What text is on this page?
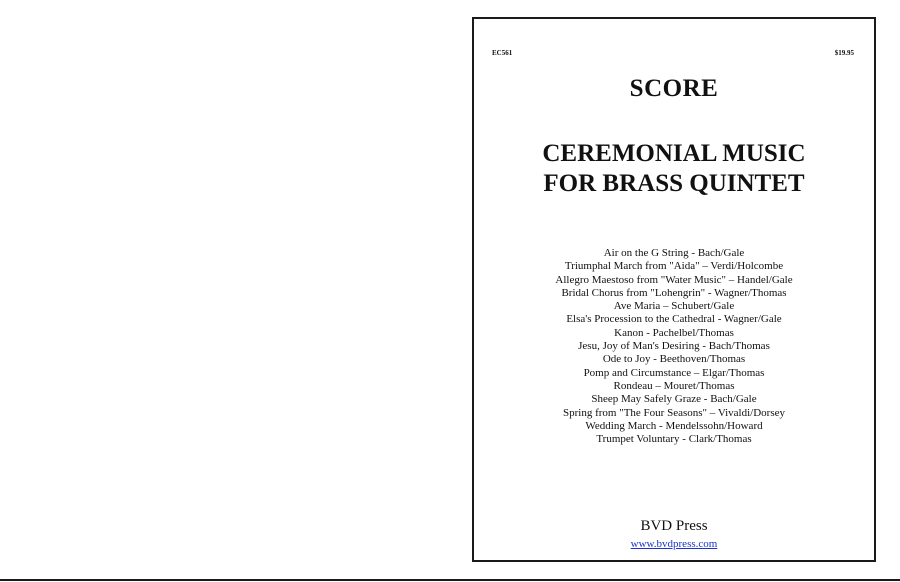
EC561	$19.95
SCORE
CEREMONIAL MUSIC
FOR BRASS QUINTET
Air on the G String - Bach/Gale
Triumphal March from "Aida" – Verdi/Holcombe
Allegro Maestoso from "Water Music" – Handel/Gale
Bridal Chorus from "Lohengrin" - Wagner/Thomas
Ave Maria – Schubert/Gale
Elsa's Procession to the Cathedral - Wagner/Gale
Kanon - Pachelbel/Thomas
Jesu, Joy of Man's Desiring - Bach/Thomas
Ode to Joy - Beethoven/Thomas
Pomp and Circumstance – Elgar/Thomas
Rondeau – Mouret/Thomas
Sheep May Safely Graze - Bach/Gale
Spring from "The Four Seasons" – Vivaldi/Dorsey
Wedding March - Mendelssohn/Howard
Trumpet Voluntary - Clark/Thomas
BVD Press
www.bvdpress.com
